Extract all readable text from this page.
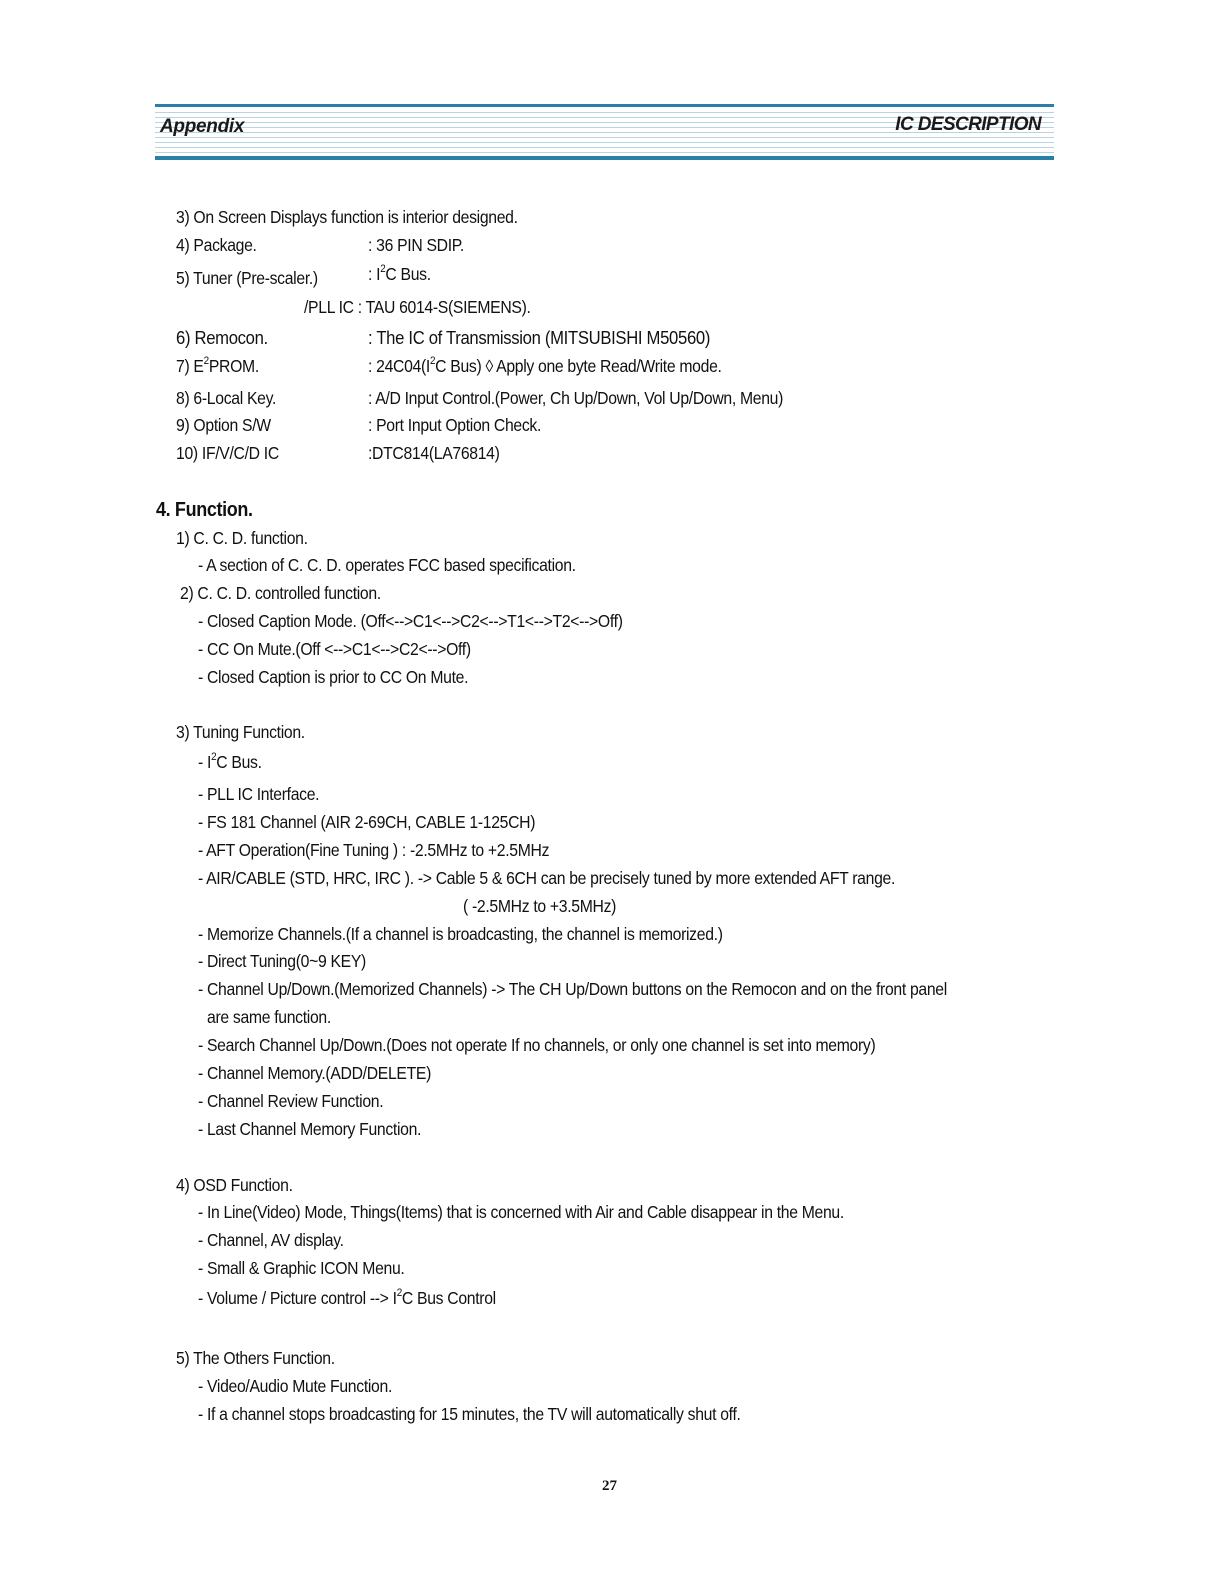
Appendix	IC DESCRIPTION
3) On Screen Displays function is interior designed.
4) Package.	: 36 PIN SDIP.
5) Tuner (Pre-scaler.)	: $I^2C$ Bus.
/PLL IC : TAU 6014-S(SIEMENS).
6) Remocon.	: The IC of Transmission (MITSUBISHI M50560)
7) $E^2PROM$.	: $24C04(I^2C$ Bus) ◊ Apply one byte Read/Write mode.
8) 6-Local Key.	: A/D Input Control.(Power, Ch Up/Down, Vol Up/Down, Menu)
9) Option S/W	: Port Input Option Check.
10) IF/V/C/D IC	:DTC814(LA76814)
4. Function.
1) C. C. D. function.
- A section of C. C. D. operates FCC based specification.
2) C. C. D. controlled function.
- Closed Caption Mode. (Off<-->C1<-->C2<-->T1<-->T2<-->Off)
- CC On Mute.(Off <-->C1<-->C2<-->Off)
- Closed Caption is prior to CC On Mute.
3) Tuning Function.
- $I^2C$ Bus.
- PLL IC Interface.
- FS 181 Channel (AIR 2-69CH, CABLE 1-125CH)
- AFT Operation(Fine Tuning ) : -2.5MHz to +2.5MHz
- AIR/CABLE (STD, HRC, IRC ). -> Cable 5 & 6CH can be precisely tuned by more extended AFT range.
( -2.5MHz to +3.5MHz)
- Memorize Channels.(If a channel is broadcasting, the channel is memorized.)
- Direct Tuning(0~9 KEY)
- Channel Up/Down.(Memorized Channels) -> The CH Up/Down buttons on the Remocon and on the front panel
are same function.
- Search Channel Up/Down.(Does not operate If no channels, or only one channel is set into memory)
- Channel Memory.(ADD/DELETE)
- Channel Review Function.
- Last Channel Memory Function.
4) OSD Function.
- In Line(Video) Mode, Things(Items) that is concerned with Air and Cable disappear in the Menu.
- Channel, AV display.
- Small & Graphic ICON Menu.
- Volume / Picture control --> $I^2C$ Bus Control
5) The Others Function.
- Video/Audio Mute Function.
- If a channel stops broadcasting for 15 minutes, the TV will automatically shut off.
27
